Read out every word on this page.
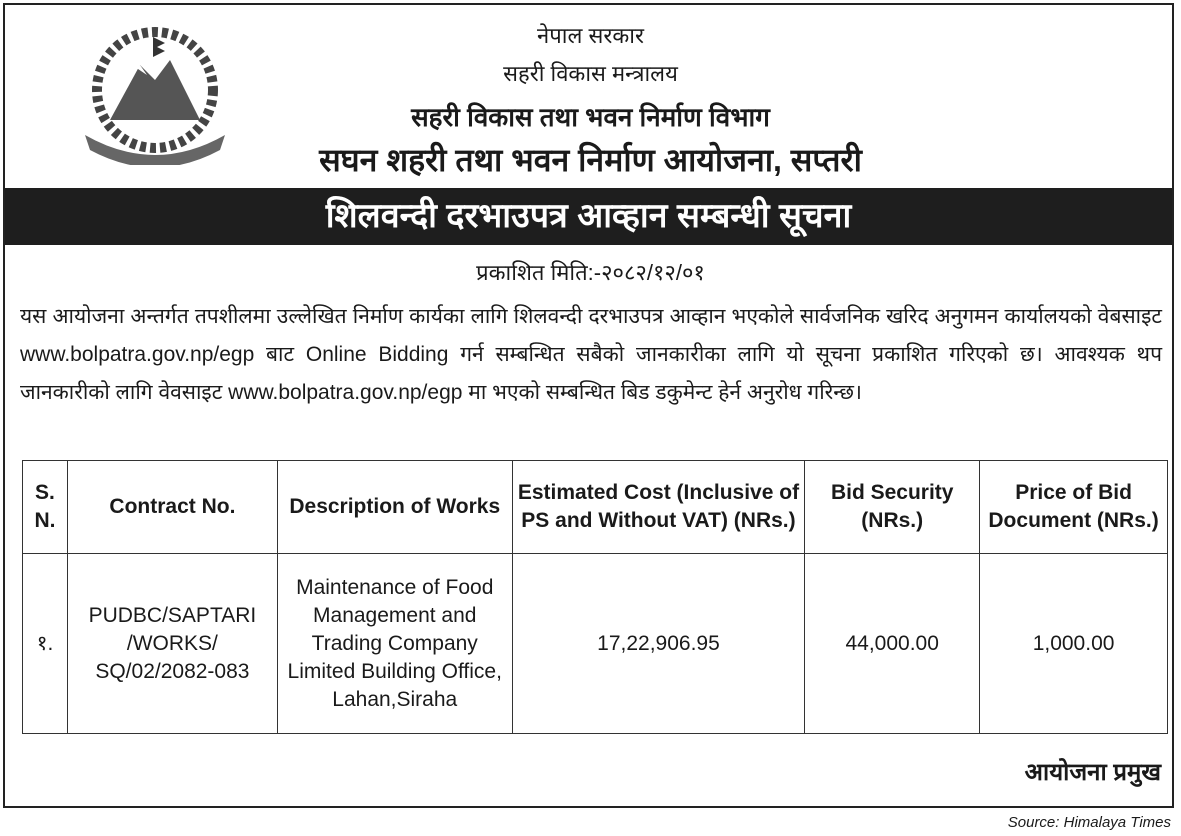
नेपाल सरकार
सहरी विकास मन्त्रालय
सहरी विकास तथा भवन निर्माण विभाग
सघन शहरी तथा भवन निर्माण आयोजना, सप्तरी
शिलवन्दी दरभाउपत्र आव्हान सम्बन्धी सूचना
प्रकाशित मिति:-२०८२/१२/०१
यस आयोजना अन्तर्गत तपशीलमा उल्लेखित निर्माण कार्यका लागि शिलवन्दी दरभाउपत्र आव्हान भएकोले सार्वजनिक खरिद अनुगमन कार्यालयको वेबसाइट www.bolpatra.gov.np/egp बाट Online Bidding गर्न सम्बन्धित सबैको जानकारीका लागि यो सूचना प्रकाशित गरिएको छ। आवश्यक थप जानकारीको लागि वेवसाइट www.bolpatra.gov.np/egp मा भएको सम्बन्धित बिड डकुमेन्ट हेर्न अनुरोध गरिन्छ।
S. N.	Contract No.	Description of Works	Estimated Cost (Inclusive of PS and Without VAT) (NRs.)	Bid Security (NRs.)	Price of Bid Document (NRs.)
१.	PUDBC/SAPTARI /WORKS/ SQ/02/2082-083	Maintenance of Food Management and Trading Company Limited Building Office, Lahan,Siraha	17,22,906.95	44,000.00	1,000.00
आयोजना प्रमुख
Source: Himalaya Times
